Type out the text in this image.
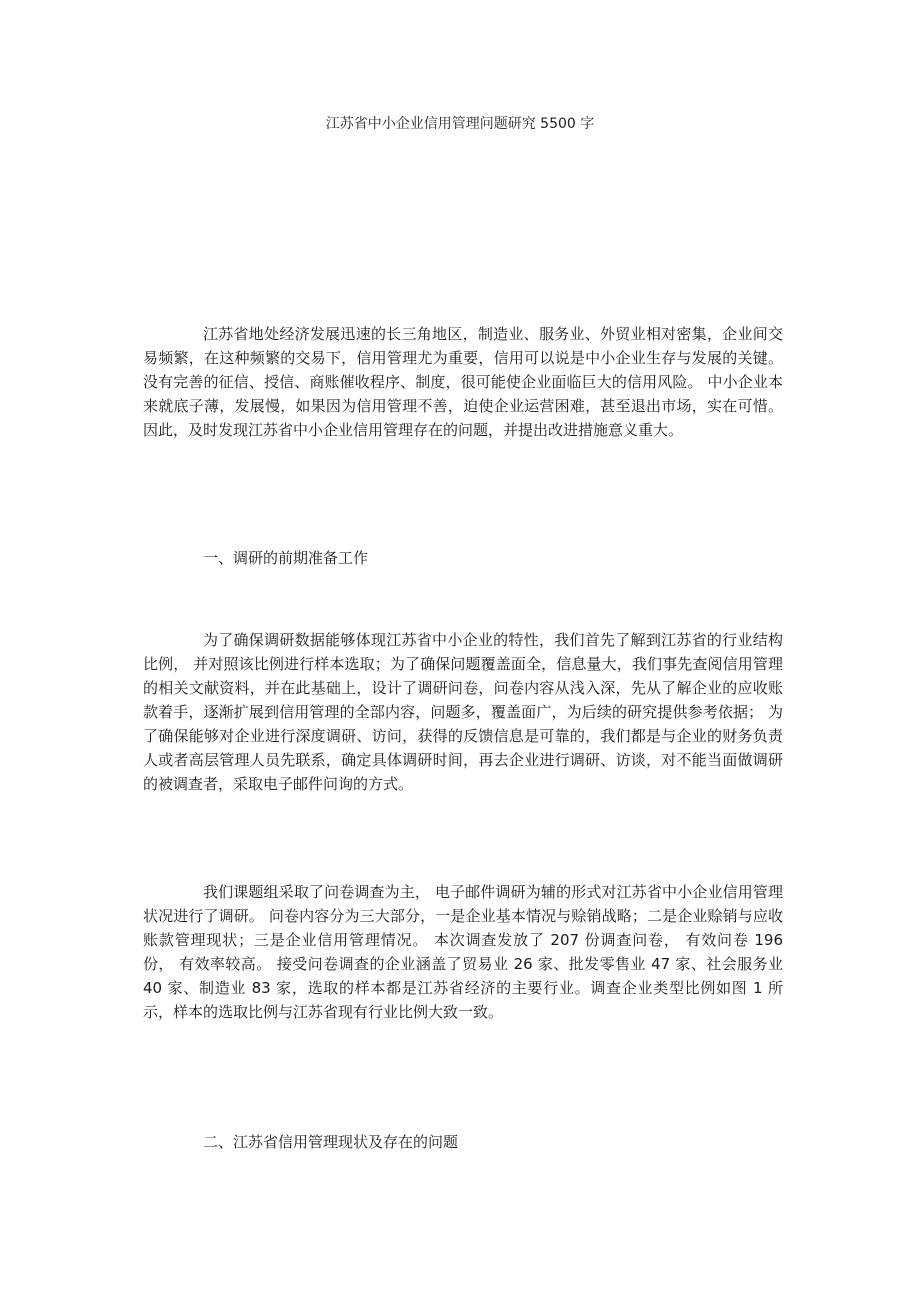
江苏省中小企业信用管理问题研究 5500 字

江苏省地处经济发展迅速的长三角地区，制造业、服务业、外贸业相对密集，企业间交易频繁，在这种频繁的交易下，信用管理尤为重要，信用可以说是中小企业生存与发展的关键。 没有完善的征信、授信、商账催收程序、制度，很可能使企业面临巨大的信用风险。 中小企业本来就底子薄，发展慢，如果因为信用管理不善，迫使企业运营困难，甚至退出市场，实在可惜。 因此，及时发现江苏省中小企业信用管理存在的问题，并提出改进措施意义重大。

一、调研的前期准备工作

为了确保调研数据能够体现江苏省中小企业的特性，我们首先了解到江苏省的行业结构比例， 并对照该比例进行样本选取；为了确保问题覆盖面全，信息量大，我们事先查阅信用管理的相关文献资料，并在此基础上，设计了调研问卷，问卷内容从浅入深，先从了解企业的应收账款着手，逐渐扩展到信用管理的全部内容，问题多，覆盖面广，为后续的研究提供参考依据； 为了确保能够对企业进行深度调研、访问，获得的反馈信息是可靠的，我们都是与企业的财务负责人或者高层管理人员先联系，确定具体调研时间，再去企业进行调研、访谈，对不能当面做调研的被调查者，采取电子邮件问询的方式。

我们课题组采取了问卷调查为主， 电子邮件调研为辅的形式对江苏省中小企业信用管理状况进行了调研。 问卷内容分为三大部分，一是企业基本情况与赊销战略；二是企业赊销与应收账款管理现状；三是企业信用管理情况。 本次调查发放了 207 份调查问卷， 有效问卷 196 份， 有效率较高。 接受问卷调查的企业涵盖了贸易业 26 家、批发零售业 47 家、社会服务业 40 家、制造业 83 家，选取的样本都是江苏省经济的主要行业。调查企业类型比例如图 1 所示，样本的选取比例与江苏省现有行业比例大致一致。

二、江苏省信用管理现状及存在的问题
